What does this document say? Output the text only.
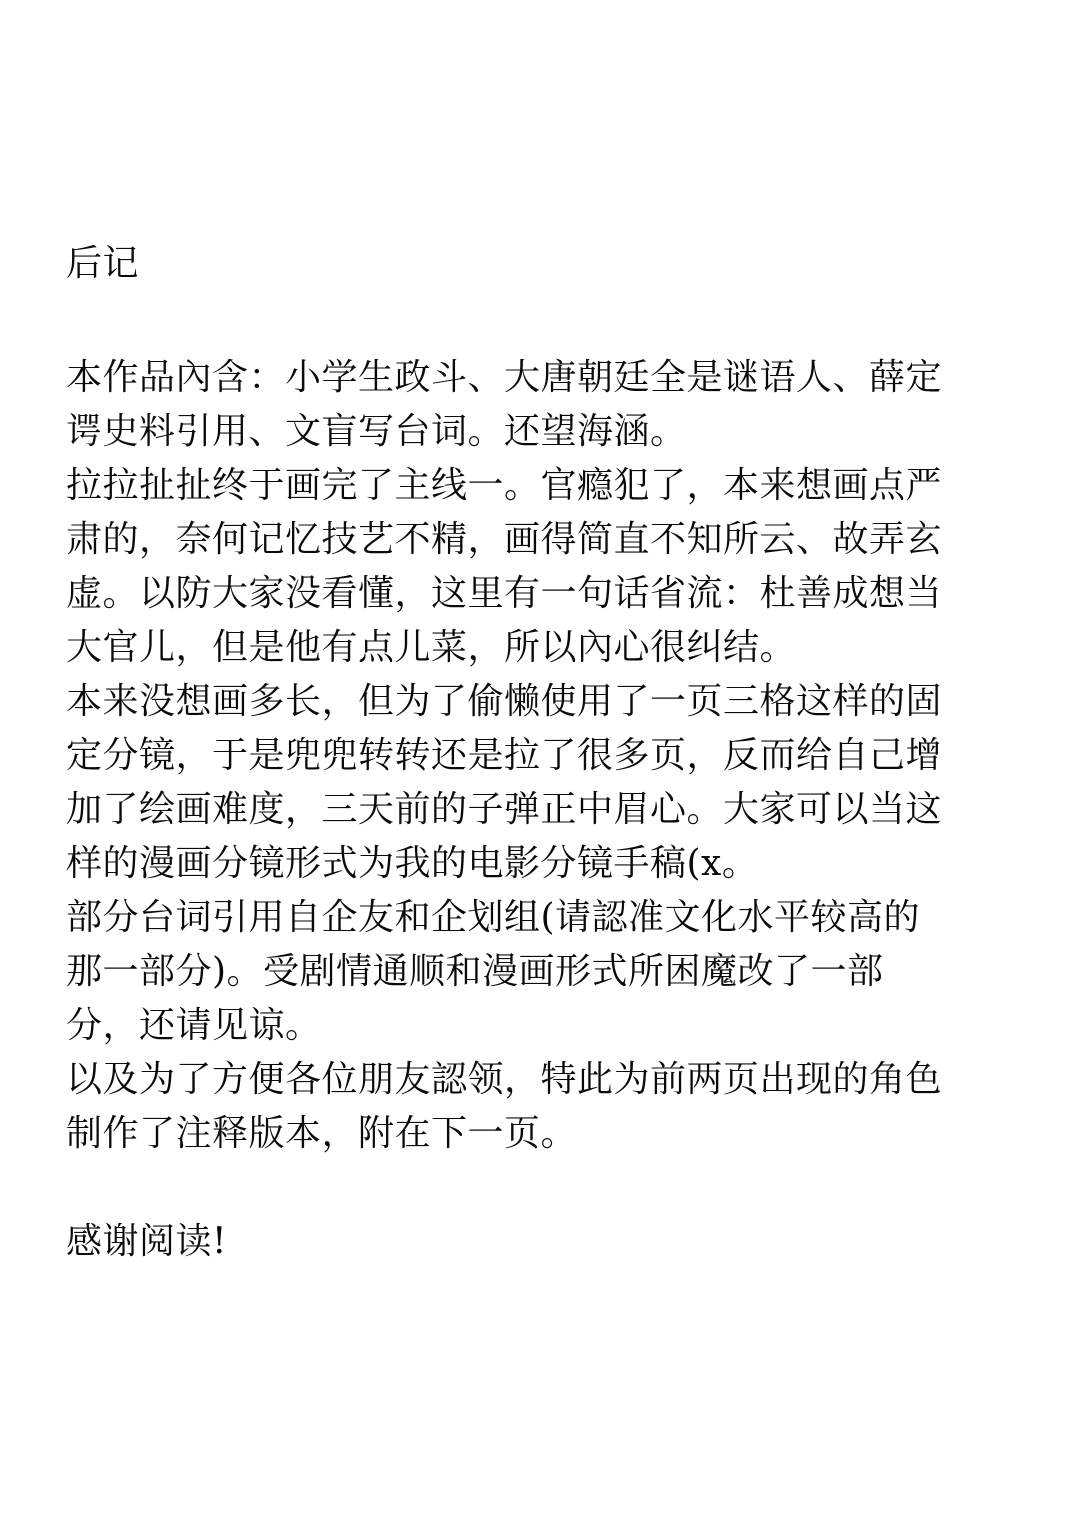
后记
本作品內含：小学生政斗、大唐朝廷全是谜语人、薛定
谔史料引用、文盲写台词。还望海涵。
拉拉扯扯终于画完了主线一。官瘾犯了，本来想画点严
肃的，奈何记忆技艺不精，画得简直不知所云、故弄玄
虚。以防大家没看懂，这里有一句话省流：杜善成想当
大官儿，但是他有点儿菜，所以內心很纠结。
本来没想画多长，但为了偷懒使用了一页三格这样的固
定分镜，于是兜兜转转还是拉了很多页，反而给自己增
加了绘画难度，三天前的子弹正中眉心。大家可以当这
样的漫画分镜形式为我的电影分镜手稿(x。
部分台词引用自企友和企划组(请認准文化水平较高的
那一部分)。受剧情通顺和漫画形式所困魔改了一部
分，还请见谅。
以及为了方便各位朋友認领，特此为前两页出现的角色
制作了注释版本，附在下一页。
感谢阅读!
